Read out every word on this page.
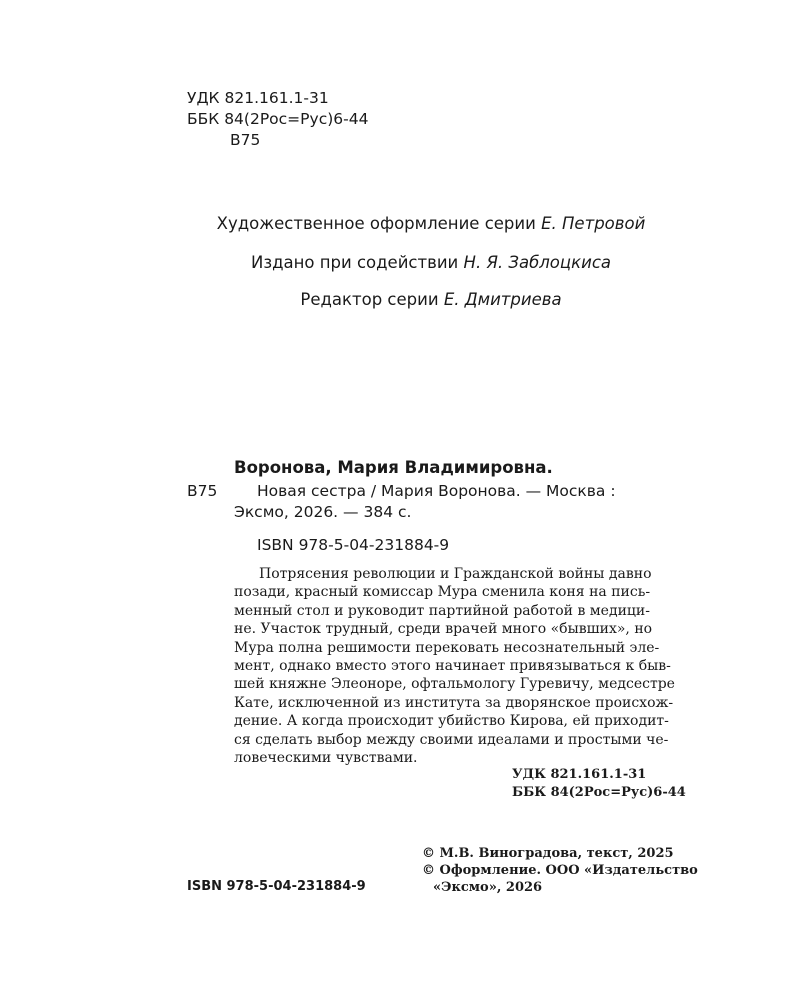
УДК 821.161.1-31
ББК 84(2Рос=Рус)6-44
В75
Художественное оформление серии Е. Петровой
Издано при содействии Н. Я. Заблоцкиса
Редактор серии Е. Дмитриева
Воронова, Мария Владимировна.
В75	Новая сестра / Мария Воронова. — Москва :
Эксмо, 2026. — 384 с.
ISBN 978-5-04-231884-9

Потрясения революции и Гражданской войны давно

позади, красный комиссар Мура сменила коня на пись-

менный стол и руководит партийной работой в медици-

не. Участок трудный, среди врачей много «бывших», но

Мура полна решимости перековать несознательный эле-

мент, однако вместо этого начинает привязываться к быв-

шей княжне Элеоноре, офтальмологу Гуревичу, медсестре

Кате, исключенной из института за дворянское происхож-

дение. А когда происходит убийство Кирова, ей приходит-

ся сделать выбор между своими идеалами и простыми че-

ловеческими чувствами.

УДК 821.161.1-31
ББК 84(2Рос=Рус)6-44
ISBN 978-5-04-231884-9
© М.В. Виноградова, текст, 2025
© Оформление. ООО «Издательство
«Эксмо», 2026
